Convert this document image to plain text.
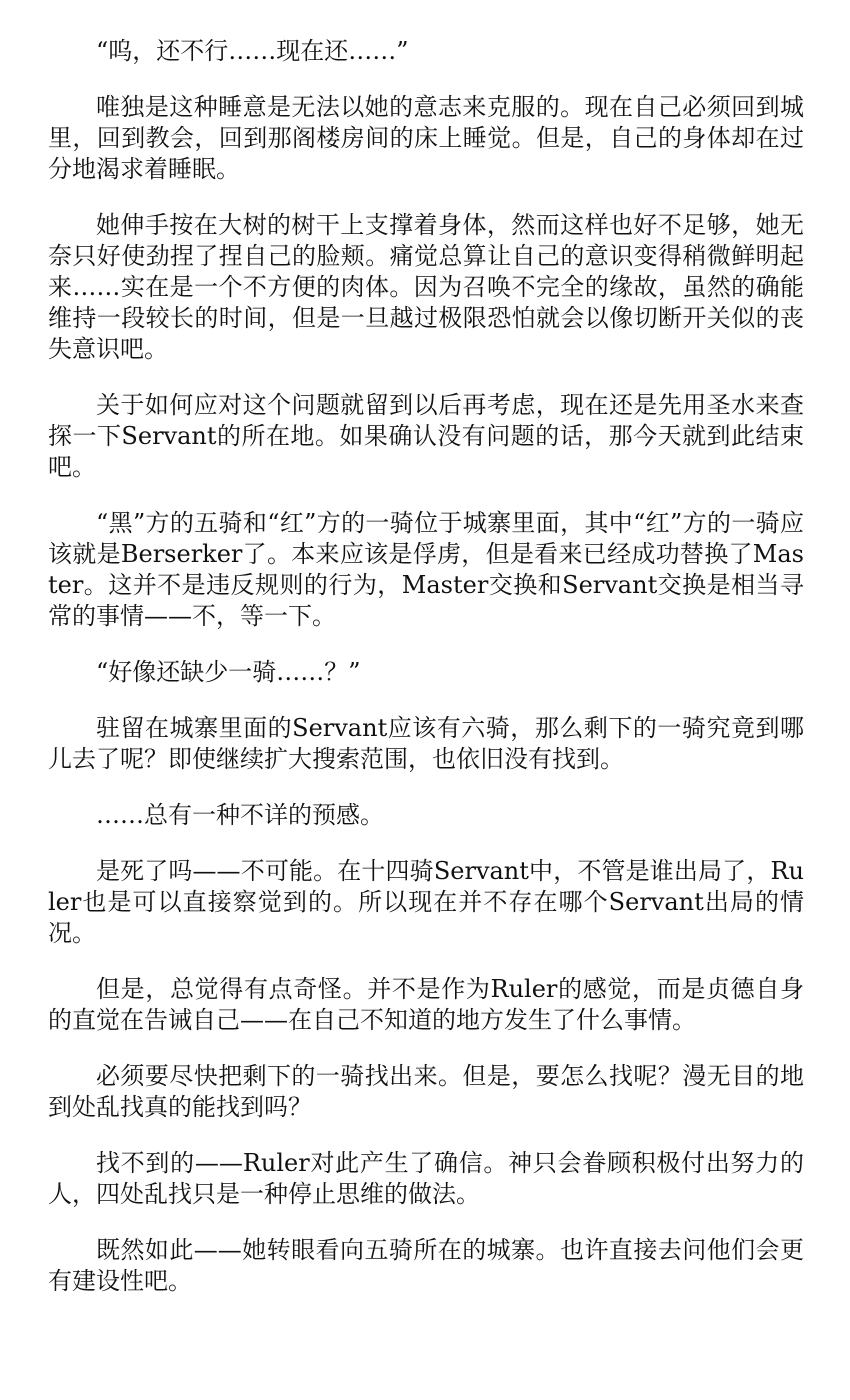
“呜，还不行……现在还……”

唯独是这种睡意是无法以她的意志来克服的。现在自己必须回到城里，回到教会，回到那阁楼房间的床上睡觉。但是，自己的身体却在过分地渴求着睡眠。

她伸手按在大树的树干上支撑着身体，然而这样也好不足够，她无奈只好使劲捏了捏自己的脸颊。痛觉总算让自己的意识变得稍微鲜明起来……实在是一个不方便的肉体。因为召唤不完全的缘故，虽然的确能维持一段较长的时间，但是一旦越过极限恐怕就会以像切断开关似的丧失意识吧。

关于如何应对这个问题就留到以后再考虑，现在还是先用圣水来查探一下Servant的所在地。如果确认没有问题的话，那今天就到此结束吧。

“黑”方的五骑和“红”方的一骑位于城寨里面，其中“红”方的一骑应该就是Berserker了。本来应该是俘虏，但是看来已经成功替换了Master。这并不是违反规则的行为，Master交换和Servant交换是相当寻常的事情——不，等一下。

“好像还缺少一骑……？”

驻留在城寨里面的Servant应该有六骑，那么剩下的一骑究竟到哪儿去了呢？即使继续扩大搜索范围，也依旧没有找到。

……总有一种不详的预感。

是死了吗——不可能。在十四骑Servant中，不管是谁出局了，Ruler也是可以直接察觉到的。所以现在并不存在哪个Servant出局的情况。

但是，总觉得有点奇怪。并不是作为Ruler的感觉，而是贞德自身的直觉在告诫自己——在自己不知道的地方发生了什么事情。

必须要尽快把剩下的一骑找出来。但是，要怎么找呢？漫无目的地到处乱找真的能找到吗？

找不到的——Ruler对此产生了确信。神只会眷顾积极付出努力的人，四处乱找只是一种停止思维的做法。

既然如此——她转眼看向五骑所在的城寨。也许直接去问他们会更有建设性吧。
